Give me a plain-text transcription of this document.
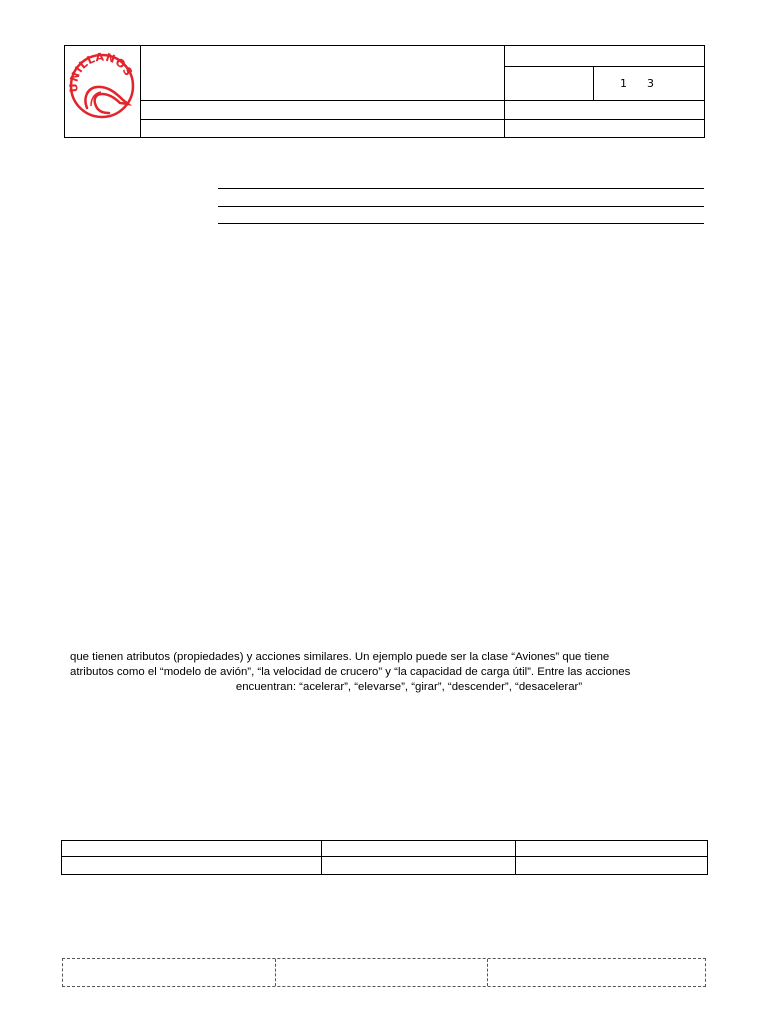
UNILLANOS
1 3

que tienen atributos (propiedades) y acciones similares. Un ejemplo puede ser la clase “Aviones” que tiene

atributos como el “modelo de avión”, “la velocidad de crucero” y “la capacidad de carga útil”. Entre las acciones

encuentran: “acelerar”, “elevarse”, “girar”, “descender”, “desacelerar”
